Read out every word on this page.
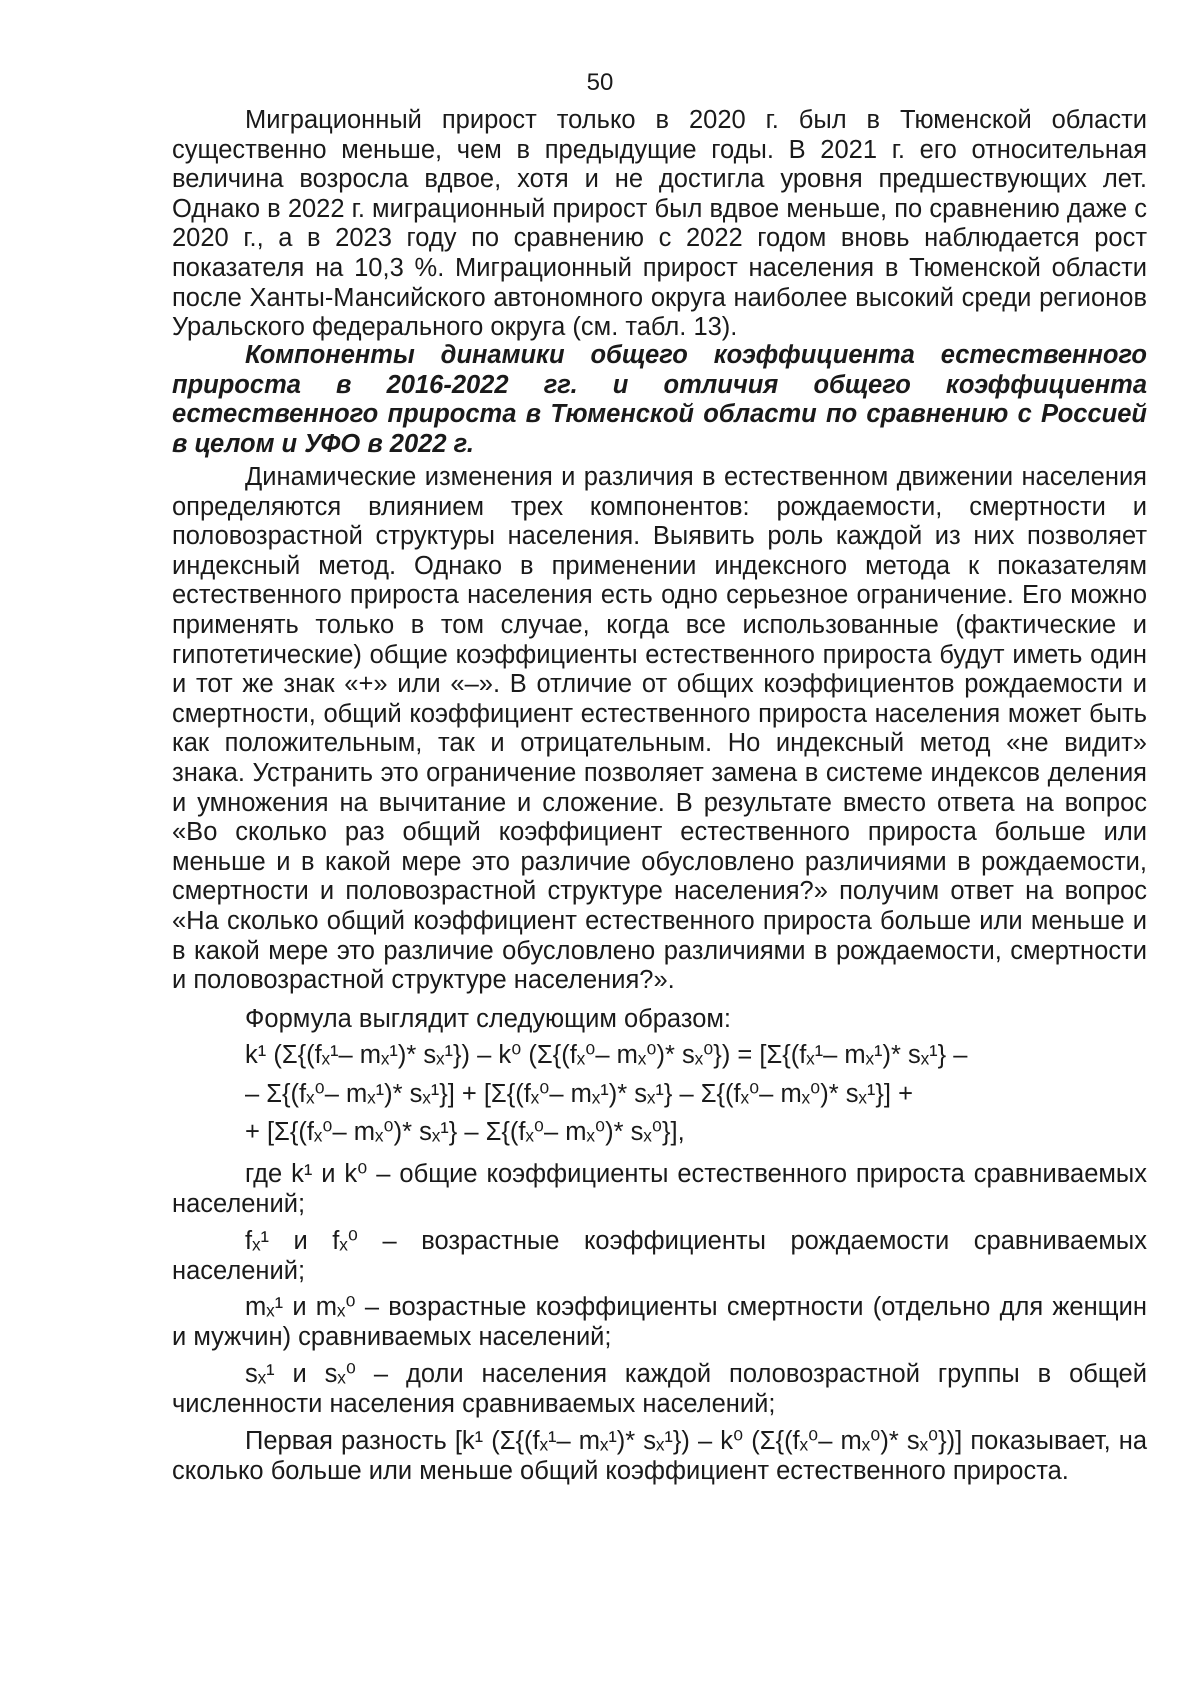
50

Миграционный прирост только в 2020 г. был в Тюменской области существенно меньше, чем в предыдущие годы. В 2021 г. его относительная величина возросла вдвое, хотя и не достигла уровня предшествующих лет. Однако в 2022 г. миграционный прирост был вдвое меньше, по сравнению даже с 2020 г., а в 2023 году по сравнению с 2022 годом вновь наблюдается рост показателя на 10,3 %. Миграционный прирост населения в Тюменской области после Ханты-Мансийского автономного округа наиболее высокий среди регионов Уральского федерального округа (см. табл. 13).

Компоненты динамики общего коэффициента естественного прироста в 2016-2022 гг. и отличия общего коэффициента естественного прироста в Тюменской области по сравнению с Россией в целом и УФО в 2022 г.

Динамические изменения и различия в естественном движении населения определяются влиянием трех компонентов: рождаемости, смертности и половозрастной структуры населения. Выявить роль каждой из них позволяет индексный метод. Однако в применении индексного метода к показателям естественного прироста населения есть одно серьезное ограничение. Его можно применять только в том случае, когда все использованные (фактические и гипотетические) общие коэффициенты естественного прироста будут иметь один и тот же знак «+» или «–». В отличие от общих коэффициентов рождаемости и смертности, общий коэффициент естественного прироста населения может быть как положительным, так и отрицательным. Но индексный метод «не видит» знака. Устранить это ограничение позволяет замена в системе индексов деления и умножения на вычитание и сложение. В результате вместо ответа на вопрос «Во сколько раз общий коэффициент естественного прироста больше или меньше и в какой мере это различие обусловлено различиями в рождаемости, смертности и половозрастной структуре населения?» получим ответ на вопрос «На сколько общий коэффициент естественного прироста больше или меньше и в какой мере это различие обусловлено различиями в рождаемости, смертности и половозрастной структуре населения?».

Формула выглядит следующим образом:

k¹ (Σ{(fₓ¹– mₓ¹)* sₓ¹}) – k⁰ (Σ{(fₓ⁰– mₓ⁰)* sₓ⁰}) = [Σ{(fₓ¹– mₓ¹)* sₓ¹} –

– Σ{(fₓ⁰– mₓ¹)* sₓ¹}] + [Σ{(fₓ⁰– mₓ¹)* sₓ¹} – Σ{(fₓ⁰– mₓ⁰)* sₓ¹}] +

+ [Σ{(fₓ⁰– mₓ⁰)* sₓ¹} – Σ{(fₓ⁰– mₓ⁰)* sₓ⁰}],

где k¹ и k⁰ – общие коэффициенты естественного прироста сравниваемых населений;

fₓ¹ и fₓ⁰ – возрастные коэффициенты рождаемости сравниваемых населений;

mₓ¹ и mₓ⁰ – возрастные коэффициенты смертности (отдельно для женщин и мужчин) сравниваемых населений;

sₓ¹ и sₓ⁰ – доли населения каждой половозрастной группы в общей численности населения сравниваемых населений;

Первая разность [k¹ (Σ{(fₓ¹– mₓ¹)* sₓ¹}) – k⁰ (Σ{(fₓ⁰– mₓ⁰)* sₓ⁰})] показывает, на сколько больше или меньше общий коэффициент естественного прироста.
